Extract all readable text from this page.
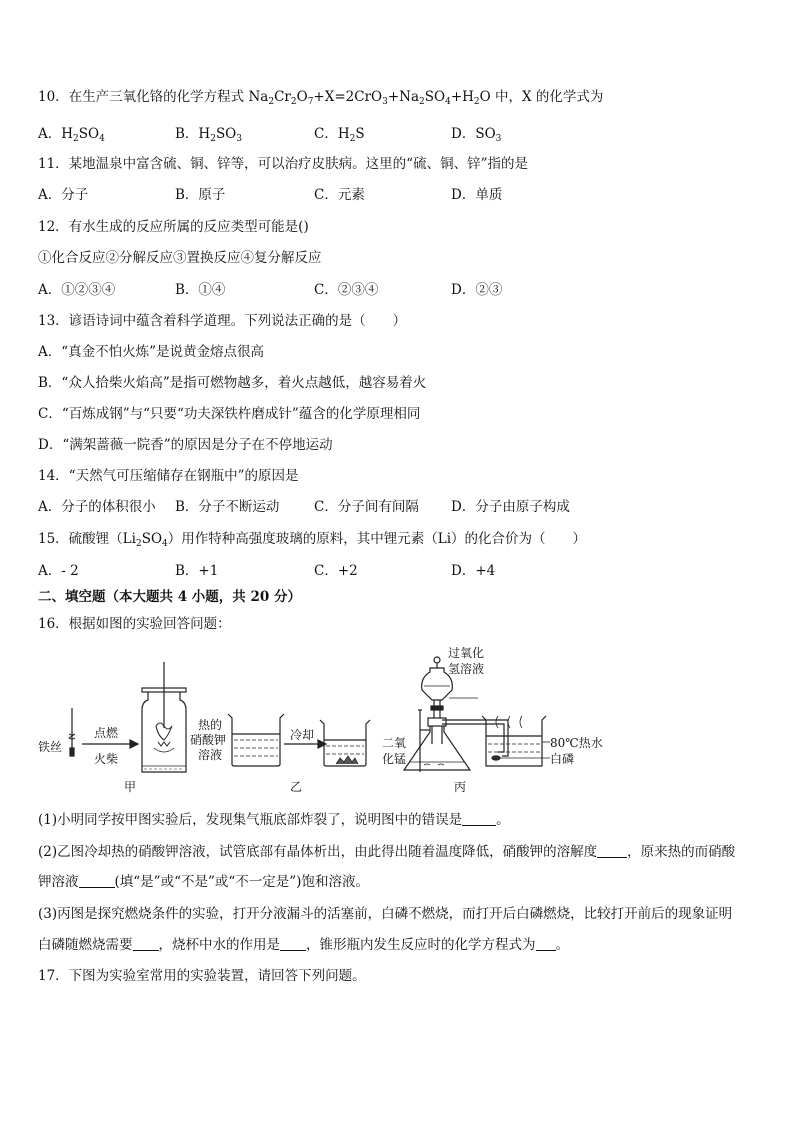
10．在生产三氧化铬的化学方程式 $Na_2Cr_2O_7+X=2CrO_3+Na_2SO_4+H_2O$ 中，X 的化学式为
A．$H_2SO_4$	B．$H_2SO_3$	C．$H_2S$	D．$SO_3$
11．某地温泉中富含硫、铜、锌等，可以治疗皮肤病。这里的“硫、铜、锌”指的是
A．分子	B．原子	C．元素	D．单质
12．有水生成的反应所属的反应类型可能是()
①化合反应②分解反应③置换反应④复分解反应
A．①②③④	B．①④	C．②③④	D．②③
13．谚语诗词中蕴含着科学道理。下列说法正确的是（　　）
A．“真金不怕火炼”是说黄金熔点很高
B．“众人拾柴火焰高”是指可燃物越多，着火点越低，越容易着火
C．“百炼成钢”与“只要“功夫深铁杵磨成针”蕴含的化学原理相同
D．“满架蔷薇一院香”的原因是分子在不停地运动
14．“天然气可压缩储存在钢瓶中”的原因是
A．分子的体积很小 B．分子不断运动	C．分子间有间隔 D．分子由原子构成
15．硫酸锂$(Li_2SO_4)$用作特种高强度玻璃的原料，其中锂元素（Li）的化合价为（　　）
A．- 2	B．+1	C．+2	D．+4
二、填空题（本大题共 4 小题，共 20 分）
16．根据如图的实验回答问题：
铁丝
点燃
火柴
甲
热的
硝酸钾
溶液
冷却
乙
过氧化
氢溶液
二氧
化锰
80℃热水
白磷
丙
(1)小明同学按甲图实验后，发现集气瓶底部炸裂了，说明图中的错误是	。
(2)乙图冷却热的硝酸钾溶液，试管底部有晶体析出，由此得出随着温度降低，硝酸钾的溶解度 ，原来热的而硝酸
钾溶液	(填“是”或“不是”或“不一定是”)饱和溶液。
(3)丙图是探究燃烧条件的实验，打开分液漏斗的活塞前，白磷不燃烧，而打开后白磷燃烧，比较打开前后的现象证明
白磷随燃烧需要 ，烧杯中水的作用是 ，锥形瓶内发生反应时的化学方程式为 。
17．下图为实验室常用的实验装置，请回答下列问题。
